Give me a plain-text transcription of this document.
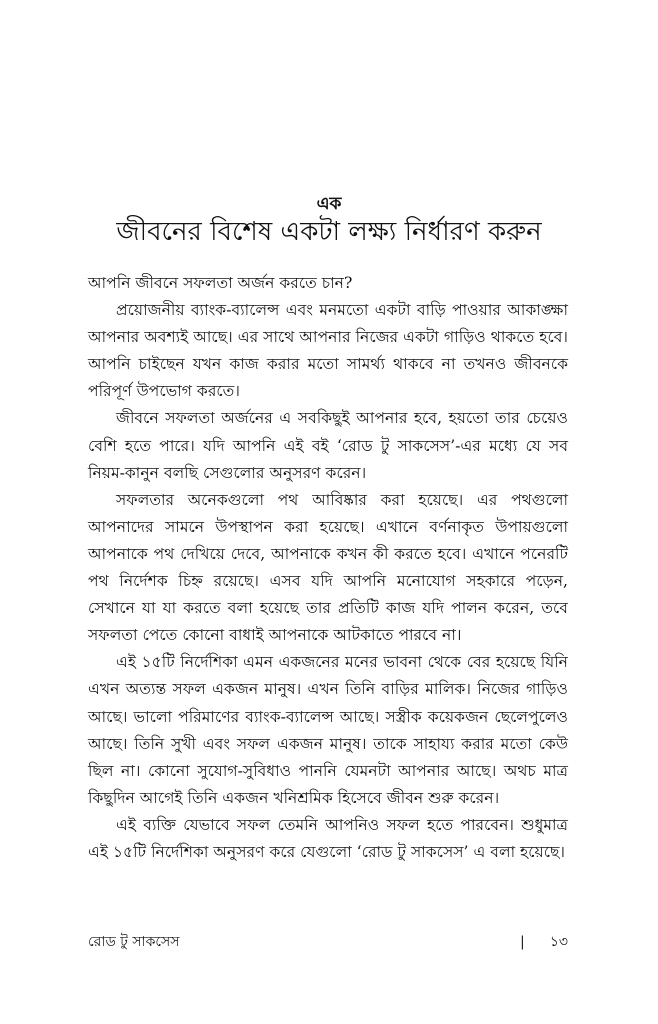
এক
জীবনের বিশেষ একটা লক্ষ্য নির্ধারণ করুন

আপনি জীবনে সফলতা অর্জন করতে চান?

প্রয়োজনীয় ব্যাংক-ব্যালেন্স এবং মনমতো একটা বাড়ি পাওয়ার আকাঙ্ক্ষা আপনার অবশ্যই আছে। এর সাথে আপনার নিজের একটা গাড়িও থাকতে হবে। আপনি চাইছেন যখন কাজ করার মতো সামর্থ্য থাকবে না তখনও জীবনকে পরিপূর্ণ উপভোগ করতে।

জীবনে সফলতা অর্জনের এ সবকিছুই আপনার হবে, হয়তো তার চেয়েও বেশি হতে পারে। যদি আপনি এই বই ‘রোড টু সাকসেস’-এর মধ্যে যে সব নিয়ম-কানুন বলছি সেগুলোর অনুসরণ করেন।

সফলতার অনেকগুলো পথ আবিষ্কার করা হয়েছে। এর পথগুলো আপনাদের সামনে উপস্থাপন করা হয়েছে। এখানে বর্ণনাকৃত উপায়গুলো আপনাকে পথ দেখিয়ে দেবে, আপনাকে কখন কী করতে হবে। এখানে পনেরটি পথ নির্দেশক চিহ্ন রয়েছে। এসব যদি আপনি মনোযোগ সহকারে পড়েন, সেখানে যা যা করতে বলা হয়েছে তার প্রতিটি কাজ যদি পালন করেন, তবে সফলতা পেতে কোনো বাধাই আপনাকে আটকাতে পারবে না।

এই ১৫টি নির্দেশিকা এমন একজনের মনের ভাবনা থেকে বের হয়েছে যিনি এখন অত্যন্ত সফল একজন মানুষ। এখন তিনি বাড়ির মালিক। নিজের গাড়িও আছে। ভালো পরিমাণের ব্যাংক-ব্যালেন্স আছে। সস্ত্রীক কয়েকজন ছেলেপুলেও আছে। তিনি সুখী এবং সফল একজন মানুষ। তাকে সাহায্য করার মতো কেউ ছিল না। কোনো সুযোগ-সুবিধাও পাননি যেমনটা আপনার আছে। অথচ মাত্র কিছুদিন আগেই তিনি একজন খনিশ্রমিক হিসেবে জীবন শুরু করেন।

এই ব্যক্তি যেভাবে সফল তেমনি আপনিও সফল হতে পারবেন। শুধুমাত্র এই ১৫টি নির্দেশিকা অনুসরণ করে যেগুলো ‘রোড টু সাকসেস’ এ বলা হয়েছে।

রোড টু সাকসেস	| ১৩
